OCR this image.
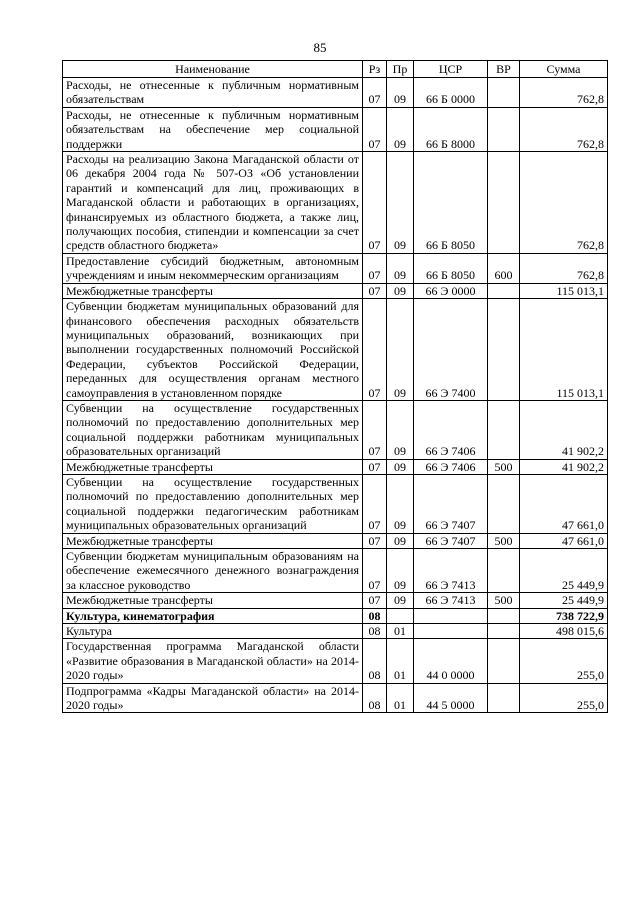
85
Наименование	Рз	Пр	ЦСР	ВР	Сумма
Расходы, не отнесенные к публичным нормативным обязательствам	07	09	66 Б 0000		762,8
Расходы, не отнесенные к публичным нормативным обязательствам на обеспечение мер социальной поддержки	07	09	66 Б 8000		762,8
Расходы на реализацию Закона Магаданской области от 06 декабря 2004 года № 507-ОЗ «Об установлении гарантий и компенсаций для лиц, проживающих в Магаданской области и работающих в организациях, финансируемых из областного бюджета, а также лиц, получающих пособия, стипендии и компенсации за счет средств областного бюджета»	07	09	66 Б 8050		762,8
Предоставление субсидий бюджетным, автономным учреждениям и иным некоммерческим организациям	07	09	66 Б 8050	600	762,8
Межбюджетные трансферты	07	09	66 Э 0000		115 013,1
Субвенции бюджетам муниципальных образований для финансового обеспечения расходных обязательств муниципальных образований, возникающих при выполнении государственных полномочий Российской Федерации, субъектов Российской Федерации, переданных для осуществления органам местного самоуправления в установленном порядке	07	09	66 Э 7400		115 013,1
Субвенции на осуществление государственных полномочий по предоставлению дополнительных мер социальной поддержки работникам муниципальных образовательных организаций	07	09	66 Э 7406		41 902,2
Межбюджетные трансферты	07	09	66 Э 7406	500	41 902,2
Субвенции на осуществление государственных полномочий по предоставлению дополнительных мер социальной поддержки педагогическим работникам муниципальных образовательных организаций	07	09	66 Э 7407		47 661,0
Межбюджетные трансферты	07	09	66 Э 7407	500	47 661,0
Субвенции бюджетам муниципальным образованиям на обеспечение ежемесячного денежного вознаграждения за классное руководство	07	09	66 Э 7413		25 449,9
Межбюджетные трансферты	07	09	66 Э 7413	500	25 449,9
Культура, кинематография	08				738 722,9
Культура	08	01			498 015,6
Государственная программа Магаданской области «Развитие образования в Магаданской области» на 2014-2020 годы»	08	01	44 0 0000		255,0
Подпрограмма «Кадры Магаданской области» на 2014-2020 годы»	08	01	44 5 0000		255,0
